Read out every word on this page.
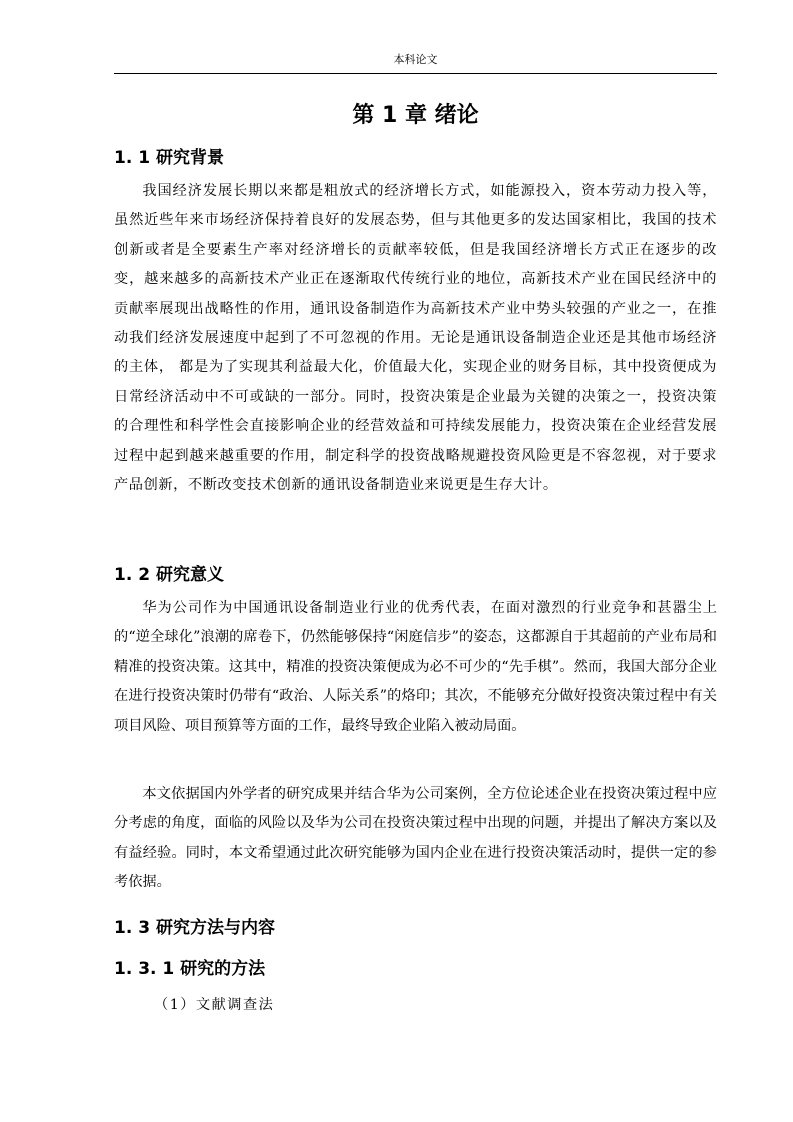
本科论文
第 1 章 绪论
1. 1 研究背景
我国经济发展长期以来都是粗放式的经济增长方式，如能源投入，资本劳动力投入等，虽然近些年来市场经济保持着良好的发展态势，但与其他更多的发达国家相比，我国的技术创新或者是全要素生产率对经济增长的贡献率较低，但是我国经济增长方式正在逐步的改变，越来越多的高新技术产业正在逐渐取代传统行业的地位，高新技术产业在国民经济中的贡献率展现出战略性的作用，通讯设备制造作为高新技术产业中势头较强的产业之一，在推动我们经济发展速度中起到了不可忽视的作用。无论是通讯设备制造企业还是其他市场经济的主体， 都是为了实现其利益最大化，价值最大化，实现企业的财务目标，其中投资便成为日常经济活动中不可或缺的一部分。同时，投资决策是企业最为关键的决策之一，投资决策的合理性和科学性会直接影响企业的经营效益和可持续发展能力，投资决策在企业经营发展过程中起到越来越重要的作用，制定科学的投资战略规避投资风险更是不容忽视，对于要求产品创新，不断改变技术创新的通讯设备制造业来说更是生存大计。
1. 2 研究意义
华为公司作为中国通讯设备制造业行业的优秀代表，在面对激烈的行业竞争和甚嚣尘上的“逆全球化”浪潮的席卷下，仍然能够保持“闲庭信步”的姿态，这都源自于其超前的产业布局和精准的投资决策。这其中，精准的投资决策便成为必不可少的“先手棋”。然而，我国大部分企业在进行投资决策时仍带有“政治、人际关系”的烙印；其次，不能够充分做好投资决策过程中有关项目风险、项目预算等方面的工作，最终导致企业陷入被动局面。
本文依据国内外学者的研究成果并结合华为公司案例，全方位论述企业在投资决策过程中应分考虑的角度，面临的风险以及华为公司在投资决策过程中出现的问题，并提出了解决方案以及有益经验。同时，本文希望通过此次研究能够为国内企业在进行投资决策活动时，提供一定的参考依据。
1. 3 研究方法与内容
1. 3. 1 研究的方法
（1）文献调查法
